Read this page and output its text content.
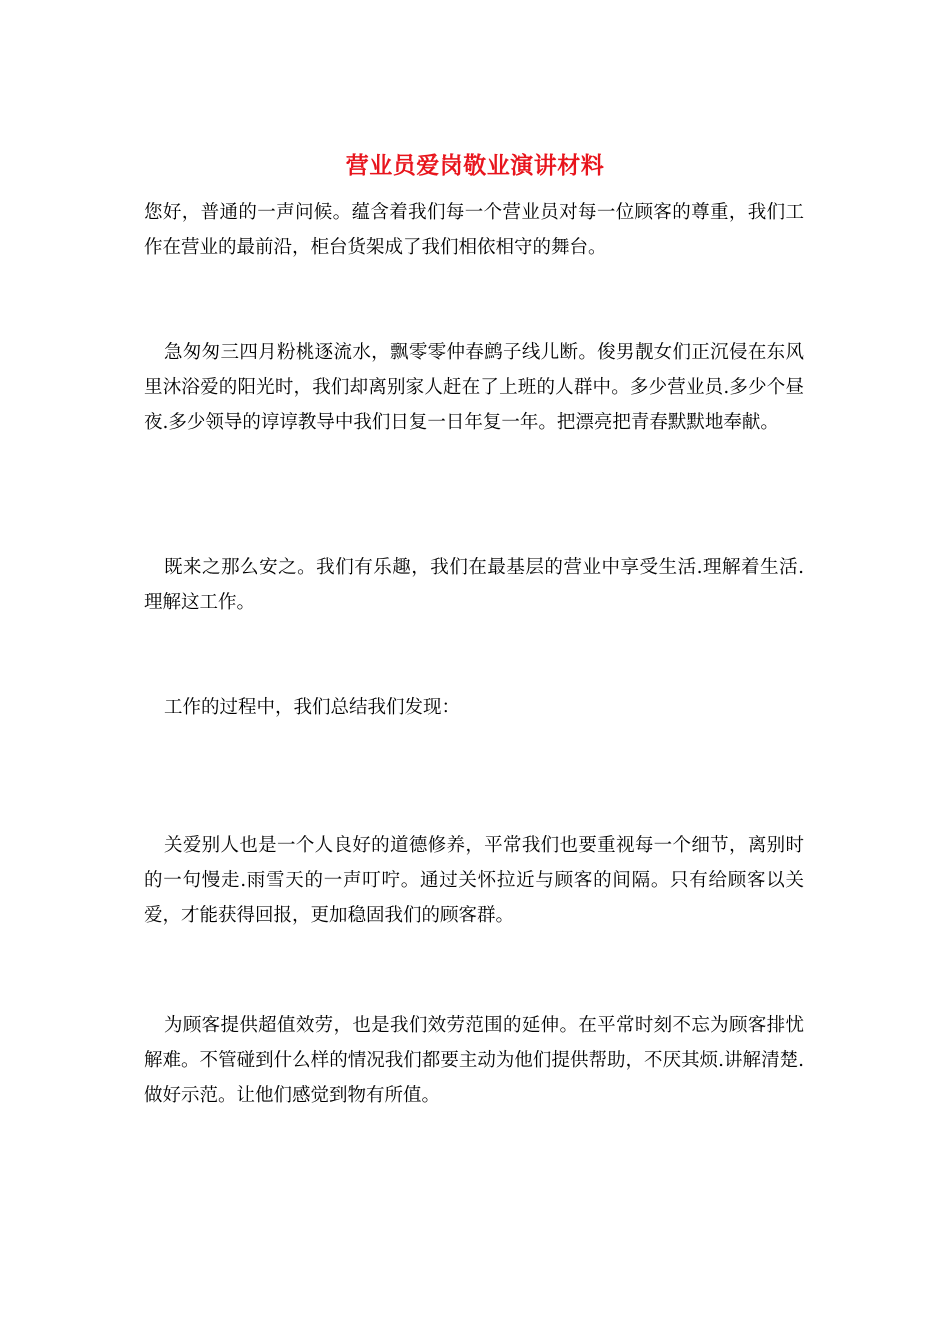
营业员爱岗敬业演讲材料
您好，普通的一声问候。蕴含着我们每一个营业员对每一位顾客的尊重，我们工作在营业的最前沿，柜台货架成了我们相依相守的舞台。
急匆匆三四月粉桃逐流水，飘零零仲春鹧子线儿断。俊男靓女们正沉侵在东风里沐浴爱的阳光时，我们却离别家人赶在了上班的人群中。多少营业员.多少个昼夜.多少领导的谆谆教导中我们日复一日年复一年。把漂亮把青春默默地奉献。
既来之那么安之。我们有乐趣，我们在最基层的营业中享受生活.理解着生活.理解这工作。
工作的过程中，我们总结我们发现：
关爱别人也是一个人良好的道德修养，平常我们也要重视每一个细节，离别时的一句慢走.雨雪天的一声叮咛。通过关怀拉近与顾客的间隔。只有给顾客以关爱，才能获得回报，更加稳固我们的顾客群。
为顾客提供超值效劳，也是我们效劳范围的延伸。在平常时刻不忘为顾客排忧解难。不管碰到什么样的情况我们都要主动为他们提供帮助，不厌其烦.讲解清楚.做好示范。让他们感觉到物有所值。
